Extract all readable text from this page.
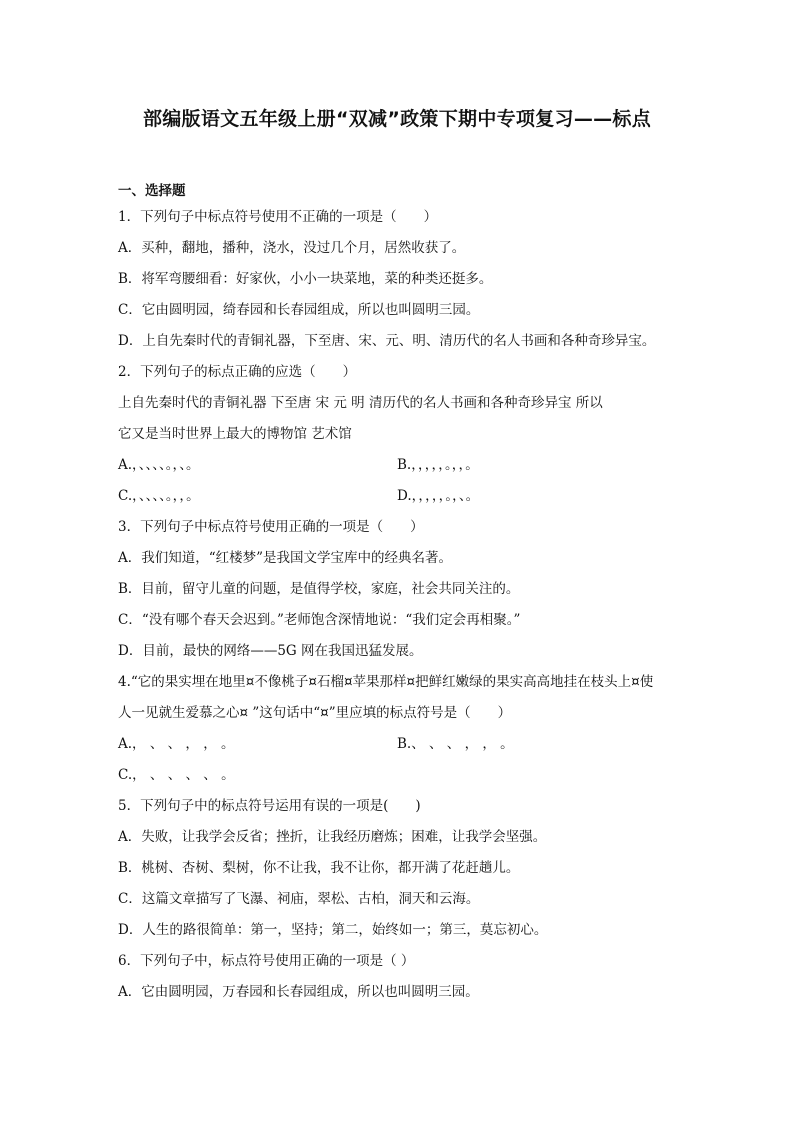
部编版语文五年级上册“双减”政策下期中专项复习——标点
一、选择题
1．下列句子中标点符号使用不正确的一项是（　　）
A．买种，翻地，播种，浇水，没过几个月，居然收获了。
B．将军弯腰细看：好家伙，小小一块菜地，菜的种类还挺多。
C．它由圆明园，绮春园和长春园组成，所以也叫圆明三园。
D．上自先秦时代的青铜礼器，下至唐、宋、元、明、清历代的名人书画和各种奇珍异宝。
2．下列句子的标点正确的应选（　　）
上自先秦时代的青铜礼器 下至唐 宋 元 明 清历代的名人书画和各种奇珍异宝 所以
它又是当时世界上最大的博物馆 艺术馆
A.，、、、、。，、。	B.，，，，，。，，。
C.，、、、、。，，。	D.，，，，，。，、。
3．下列句子中标点符号使用正确的一项是（　　）
A．我们知道，“红楼梦”是我国文学宝库中的经典名著。
B．目前，留守儿童的问题，是值得学校，家庭，社会共同关注的。
C．“没有哪个春天会迟到。”老师饱含深情地说：“我们定会再相聚。”
D．目前，最快的网络——5G 网在我国迅猛发展。
4.“它的果实埋在地里¤不像桃子¤石榴¤苹果那样¤把鲜红嫩绿的果实高高地挂在枝头上¤使
人一见就生爱慕之心¤ ”这句话中“¤”里应填的标点符号是（　　）
A.， 、 、 ， ， 。	B.、 、 、 ， ， 。
C.， 、 、 、 、 。
5．下列句子中的标点符号运用有误的一项是(　　)
A．失败，让我学会反省；挫折，让我经历磨炼；困难，让我学会坚强。
B．桃树、杏树、梨树，你不让我，我不让你，都开满了花赶趟儿。
C．这篇文章描写了飞瀑、祠庙，翠松、古柏，洞天和云海。
D．人生的路很简单：第一，坚持；第二，始终如一；第三，莫忘初心。
6．下列句子中，标点符号使用正确的一项是（ ）
A．它由圆明园，万春园和长春园组成，所以也叫圆明三园。
